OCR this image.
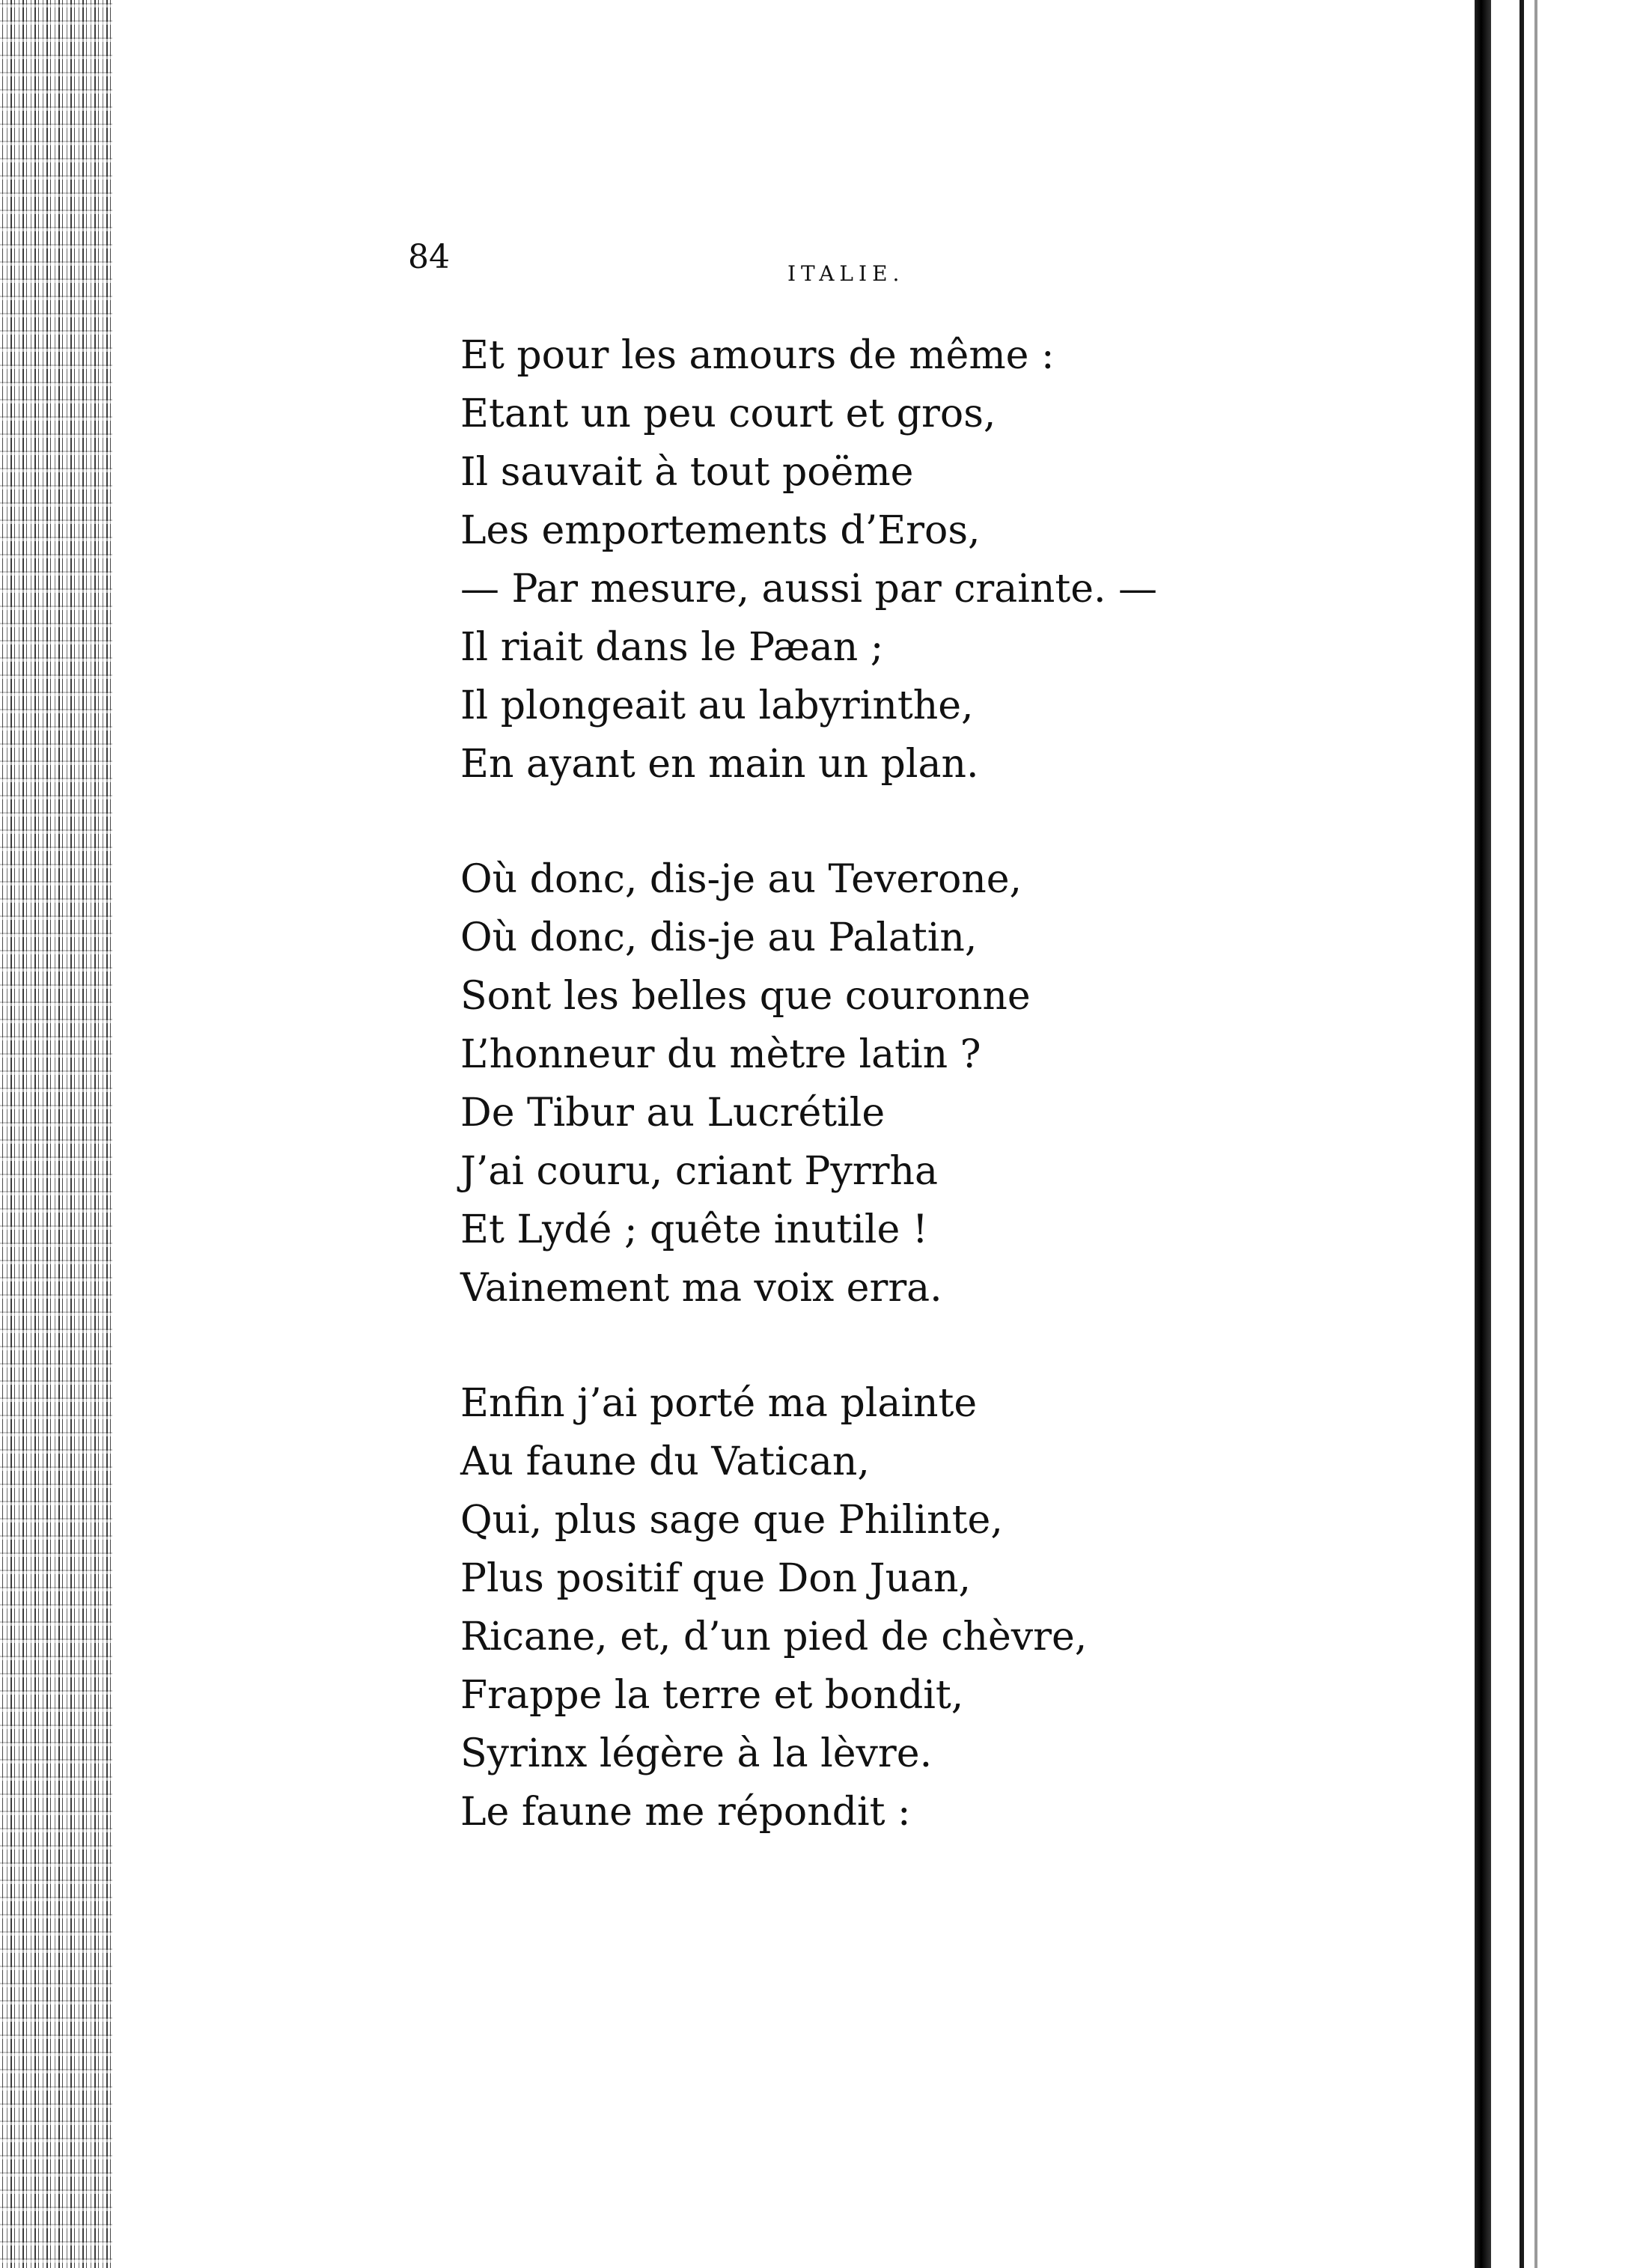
84	ITALIE.
Et pour les amours de même :
Etant un peu court et gros,
Il sauvait à tout poëme
Les emportements d’Eros,
— Par mesure, aussi par crainte. —
Il riait dans le Pæan ;
Il plongeait au labyrinthe,
En ayant en main un plan.
Où donc, dis-je au Teverone,
Où donc, dis-je au Palatin,
Sont les belles que couronne
L’honneur du mètre latin ?
De Tibur au Lucrétile
J’ai couru, criant Pyrrha
Et Lydé ; quête inutile !
Vainement ma voix erra.
Enfin j’ai porté ma plainte
Au faune du Vatican,
Qui, plus sage que Philinte,
Plus positif que Don Juan,
Ricane, et, d’un pied de chèvre,
Frappe la terre et bondit,
Syrinx légère à la lèvre.
Le faune me répondit :
